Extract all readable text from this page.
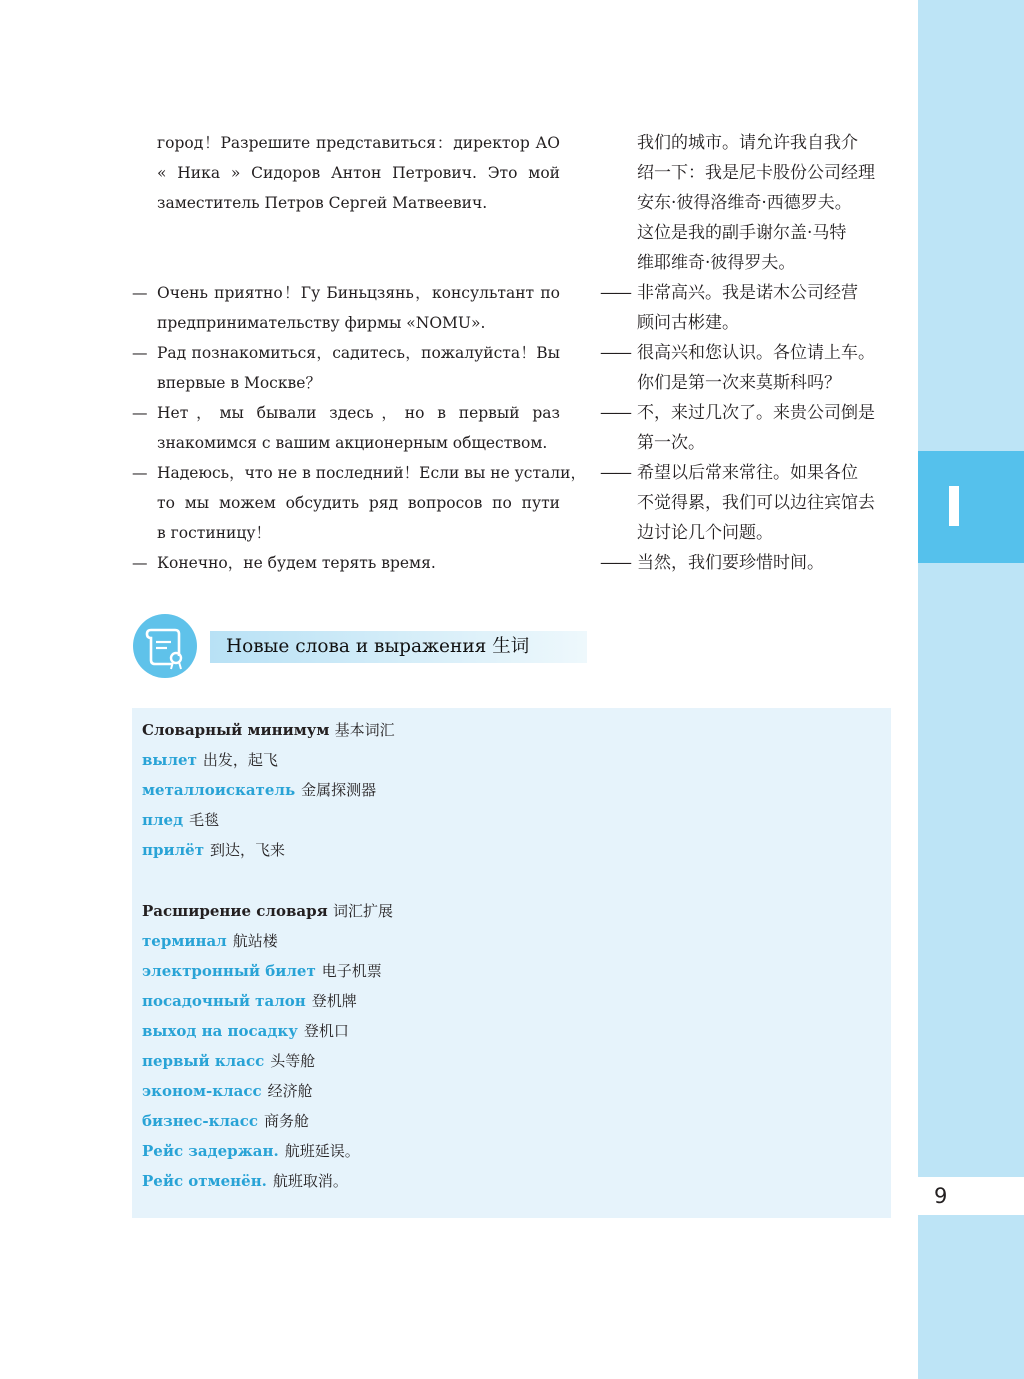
9
город！Разрешите представиться：директор АО
« Ника » Сидоров Антон Петрович. Это мой
заместитель Петров Сергей Матвеевич.
— Очень приятно！Гу Биньцзянь，консультант по
предпринимательству фирмы «NOMU».
— Рад познакомиться，садитесь，пожалуйста！Вы
впервые в Москве？
— Нет，мы бывали здесь，но в первый раз
знакомимся с вашим акционерным обществом.
— Надеюсь，что не в последний！Если вы не устали，
то мы можем обсудить ряд вопросов по пути
в гостиницу！
— Конечно，не будем терять время.
我们的城市。请允许我自我介
绍一下：我是尼卡股份公司经理
安东·彼得洛维奇·西德罗夫。
这位是我的副手谢尔盖·马特
维耶维奇·彼得罗夫。
—— 非常高兴。我是诺木公司经营
顾问古彬建。
—— 很高兴和您认识。各位请上车。
你们是第一次来莫斯科吗？
—— 不，来过几次了。来贵公司倒是
第一次。
—— 希望以后常来常往。如果各位
不觉得累，我们可以边往宾馆去
边讨论几个问题。
—— 当然，我们要珍惜时间。
Новые слова и выражения 生词
Словарный минимум 基本词汇
вылет 出发，起飞
металлоискатель 金属探测器
плед 毛毯
прилёт 到达，飞来
Расширение словаря 词汇扩展
терминал 航站楼
электронный билет 电子机票
посадочный талон 登机牌
выход на посадку 登机口
первый класс 头等舱
эконом-класс 经济舱
бизнес-класс 商务舱
Рейс задержан. 航班延误。
Рейс отменён. 航班取消。
